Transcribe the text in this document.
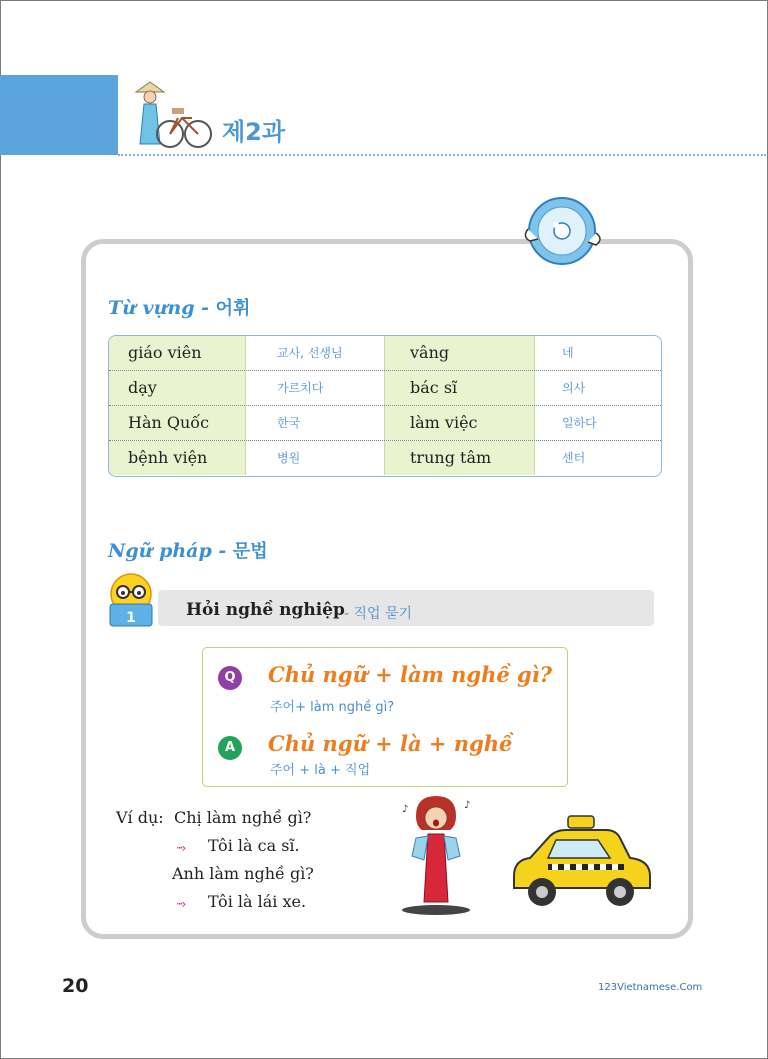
제2과
Từ vựng - 어휘
giáo viên	교사, 선생님	vâng	네
dạy	가르치다	bác sĩ	의사
Hàn Quốc	한국	làm việc	일하다
bệnh viện	병원	trung tâm	센터
Ngữ pháp - 문법
1	Hỏi nghề nghiệp - 직업 묻기
Q	Chủ ngữ + làm nghề gì?
주어+ làm nghề gì?
A	Chủ ngữ + là + nghề
주어 + là + 직업
Ví dụ: Chị làm nghề gì?
···› Tôi là ca sĩ.
Anh làm nghề gì?
···› Tôi là lái xe.
♪	♪
20	123Vietnamese.Com
